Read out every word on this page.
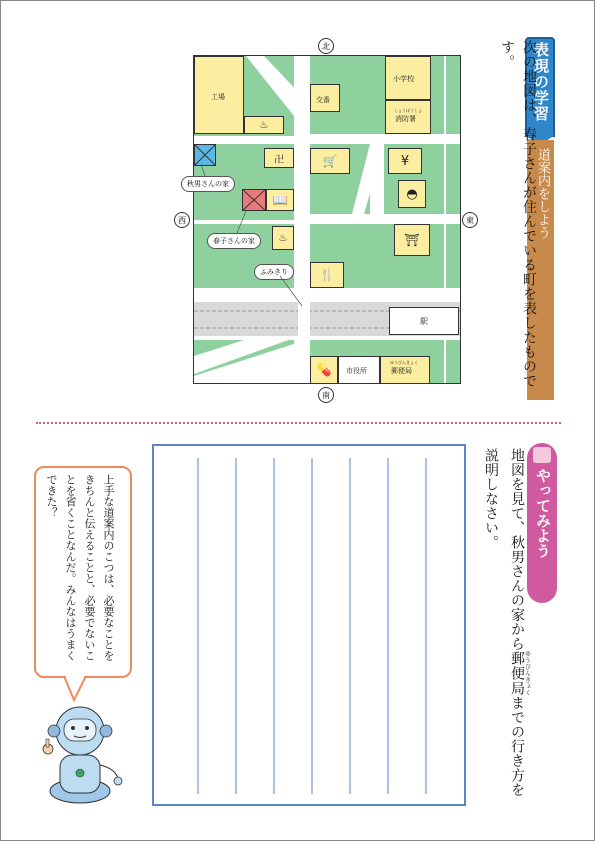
表現の学習
道案内をしよう
次の地図は、春子さんが住んでいる町を表したものです。
工場
♨
交番
小学校
しょうぼうしょ
消防署
卍	🛒	¥
◓
📖
♨	⛩
🍴
駅
💊	市役所
ゆうびんきょく
郵便局
北
南
西	東
秋男さんの家
春子さんの家
ふみきり
やってみよう
地図を見て、秋男さんの家から郵便局ゆうびんきょくまでの行き方を説明しなさい。
上手な道案内のこつは、必要なことをきちんと伝えることと、必要でないことを省くことなんだ。みんなはうまくできた？
